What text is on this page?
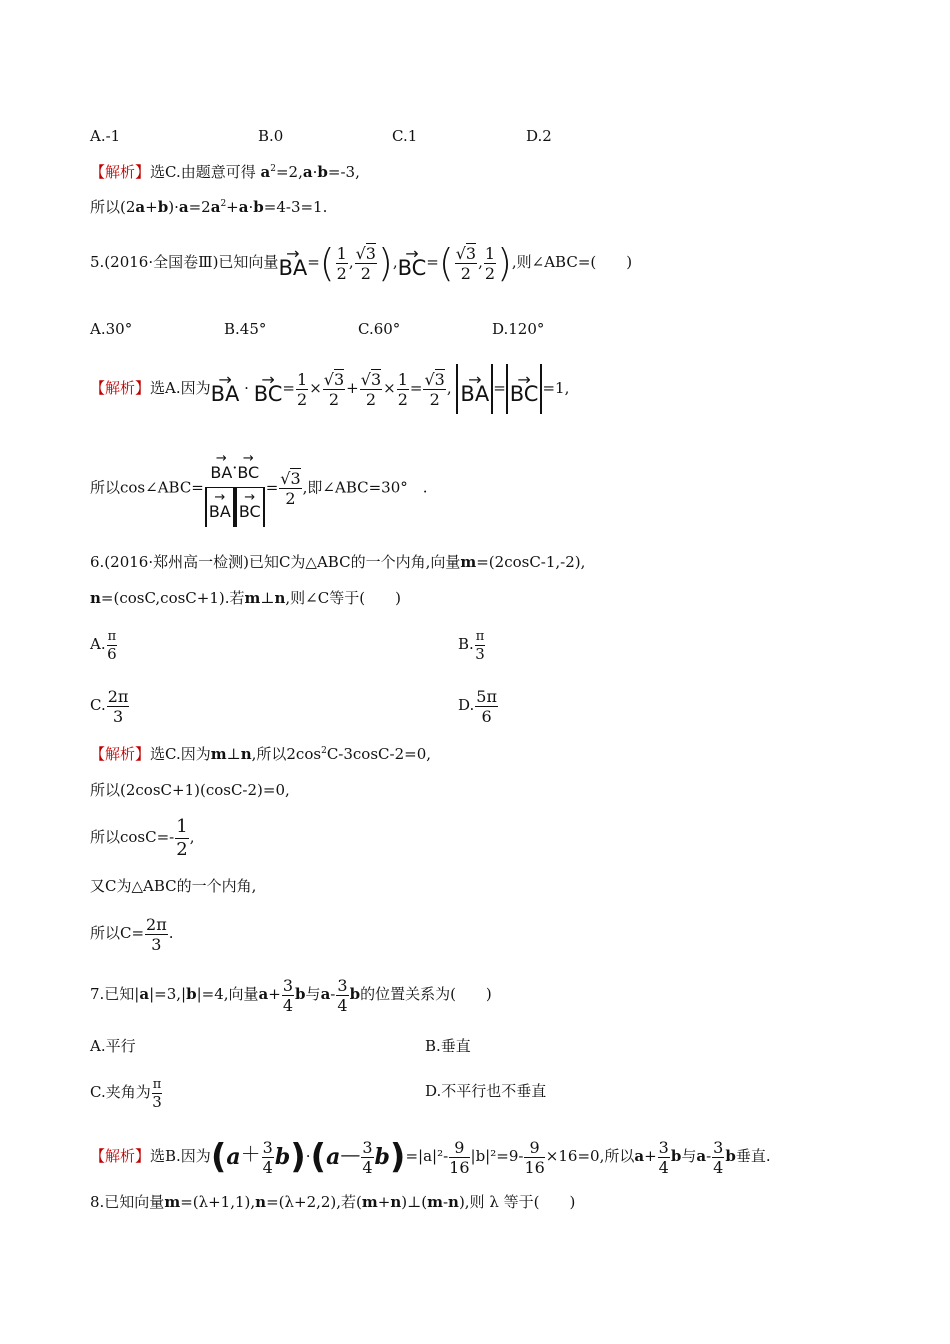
A.-1	B.0	C.1	D.2
【解析】选C.由题意可得 $a^2=2,a\cdot b=-3$,
所以$(2a+b)\cdot a=2a^2+a\cdot b=4-3=1$.
5.(2016·全国卷Ⅲ)已知向量→ $BA=( \frac{1}{2}$ , $\frac{√3}{2}$ ),→ $BC=( \frac{√3}{2}$ , $\frac{1}{2}$ ),则∠ABC=(　　)
A.30°	B.45°	C.60°	D.120°
【解析】选A.因为→ BA · → $BC= \frac{1}{2} \times \frac{√3}{2} + \frac{√3}{2} \times \frac{1}{2} = \frac{√3}{2}$ , → BA = → BC =1,
所以cos∠ABC=
→ BA·→ BC
→ BA → BC
= $\frac{√3}{2}$ ,即∠ABC=30°　.
6.(2016·郑州高一检测)已知C为△ABC的一个内角,向量m=(2cosC-1,-2),
n=(cosC,cosC+1).若m⊥n,则∠C等于(　　)
A. $\frac{\pi}{6}$	B. $\frac{\pi}{3}$
C. $\frac{2\pi}{3}$	D. $\frac{5\pi}{6}$
【解析】选C.因为m⊥n,所以$2\cos^2C-3\cos C-2=0$,
所以(2cosC+1)(cosC-2)=0,
所以$\cos C=- \frac{1}{2}$ ,
又C为△ABC的一个内角,
所以$C= \frac{2\pi}{3}$ .
7.已知|a|=3,|b|=4,向量$a+ \frac{3}{4}$ b与$a- \frac{3}{4}$ b的位置关系为(　　)
A.平行	B.垂直
C.夹角为 $\frac{\pi}{3}$	D.不平行也不垂直
【解析】选B.因为($a+ \frac{3}{4}$ b)·(a— $\frac{3}{4} b)=|a|^2- \frac{9}{16} |b|^2=9- \frac{9}{16} \times 16=0$,所以$a+ \frac{3}{4}$ b与$a- \frac{3}{4}$ b垂直.
8.已知向量m=(λ+1,1),n=(λ+2,2),若(m+n)⊥(m-n),则 λ 等于(　　)
